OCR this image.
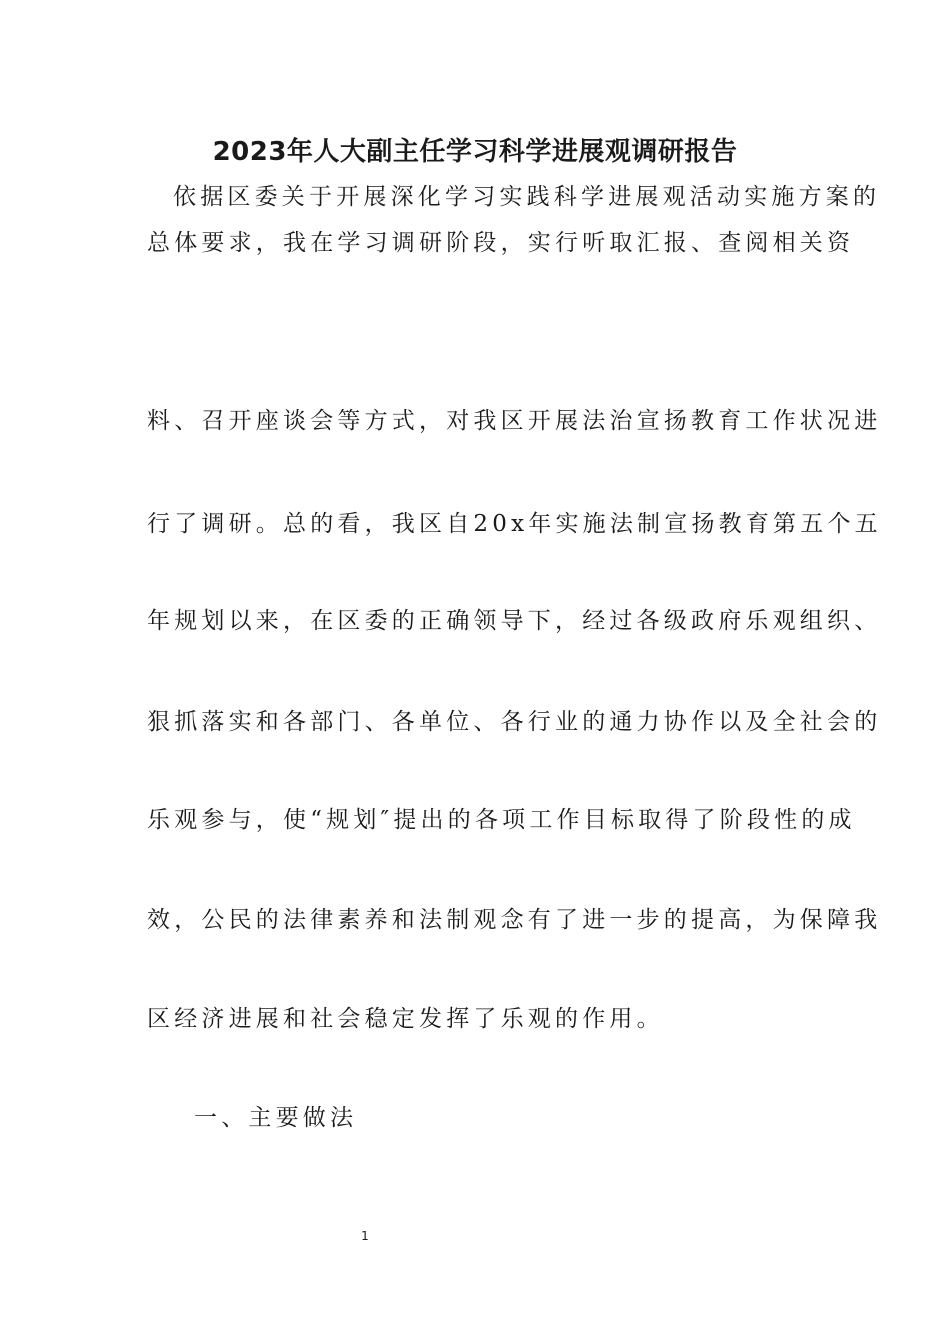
2023年人大副主任学习科学进展观调研报告
依据区委关于开展深化学习实践科学进展观活动实施方案的
总体要求，我在学习调研阶段，实行听取汇报、查阅相关资
料、召开座谈会等方式，对我区开展法治宣扬教育工作状况进
行了调研。总的看，我区自20x年实施法制宣扬教育第五个五
年规划以来，在区委的正确领导下，经过各级政府乐观组织、
狠抓落实和各部门、各单位、各行业的通力协作以及全社会的
乐观参与，使“规划″提出的各项工作目标取得了阶段性的成
效，公民的法律素养和法制观念有了进一步的提高，为保障我
区经济进展和社会稳定发挥了乐观的作用。
一、主要做法
1
